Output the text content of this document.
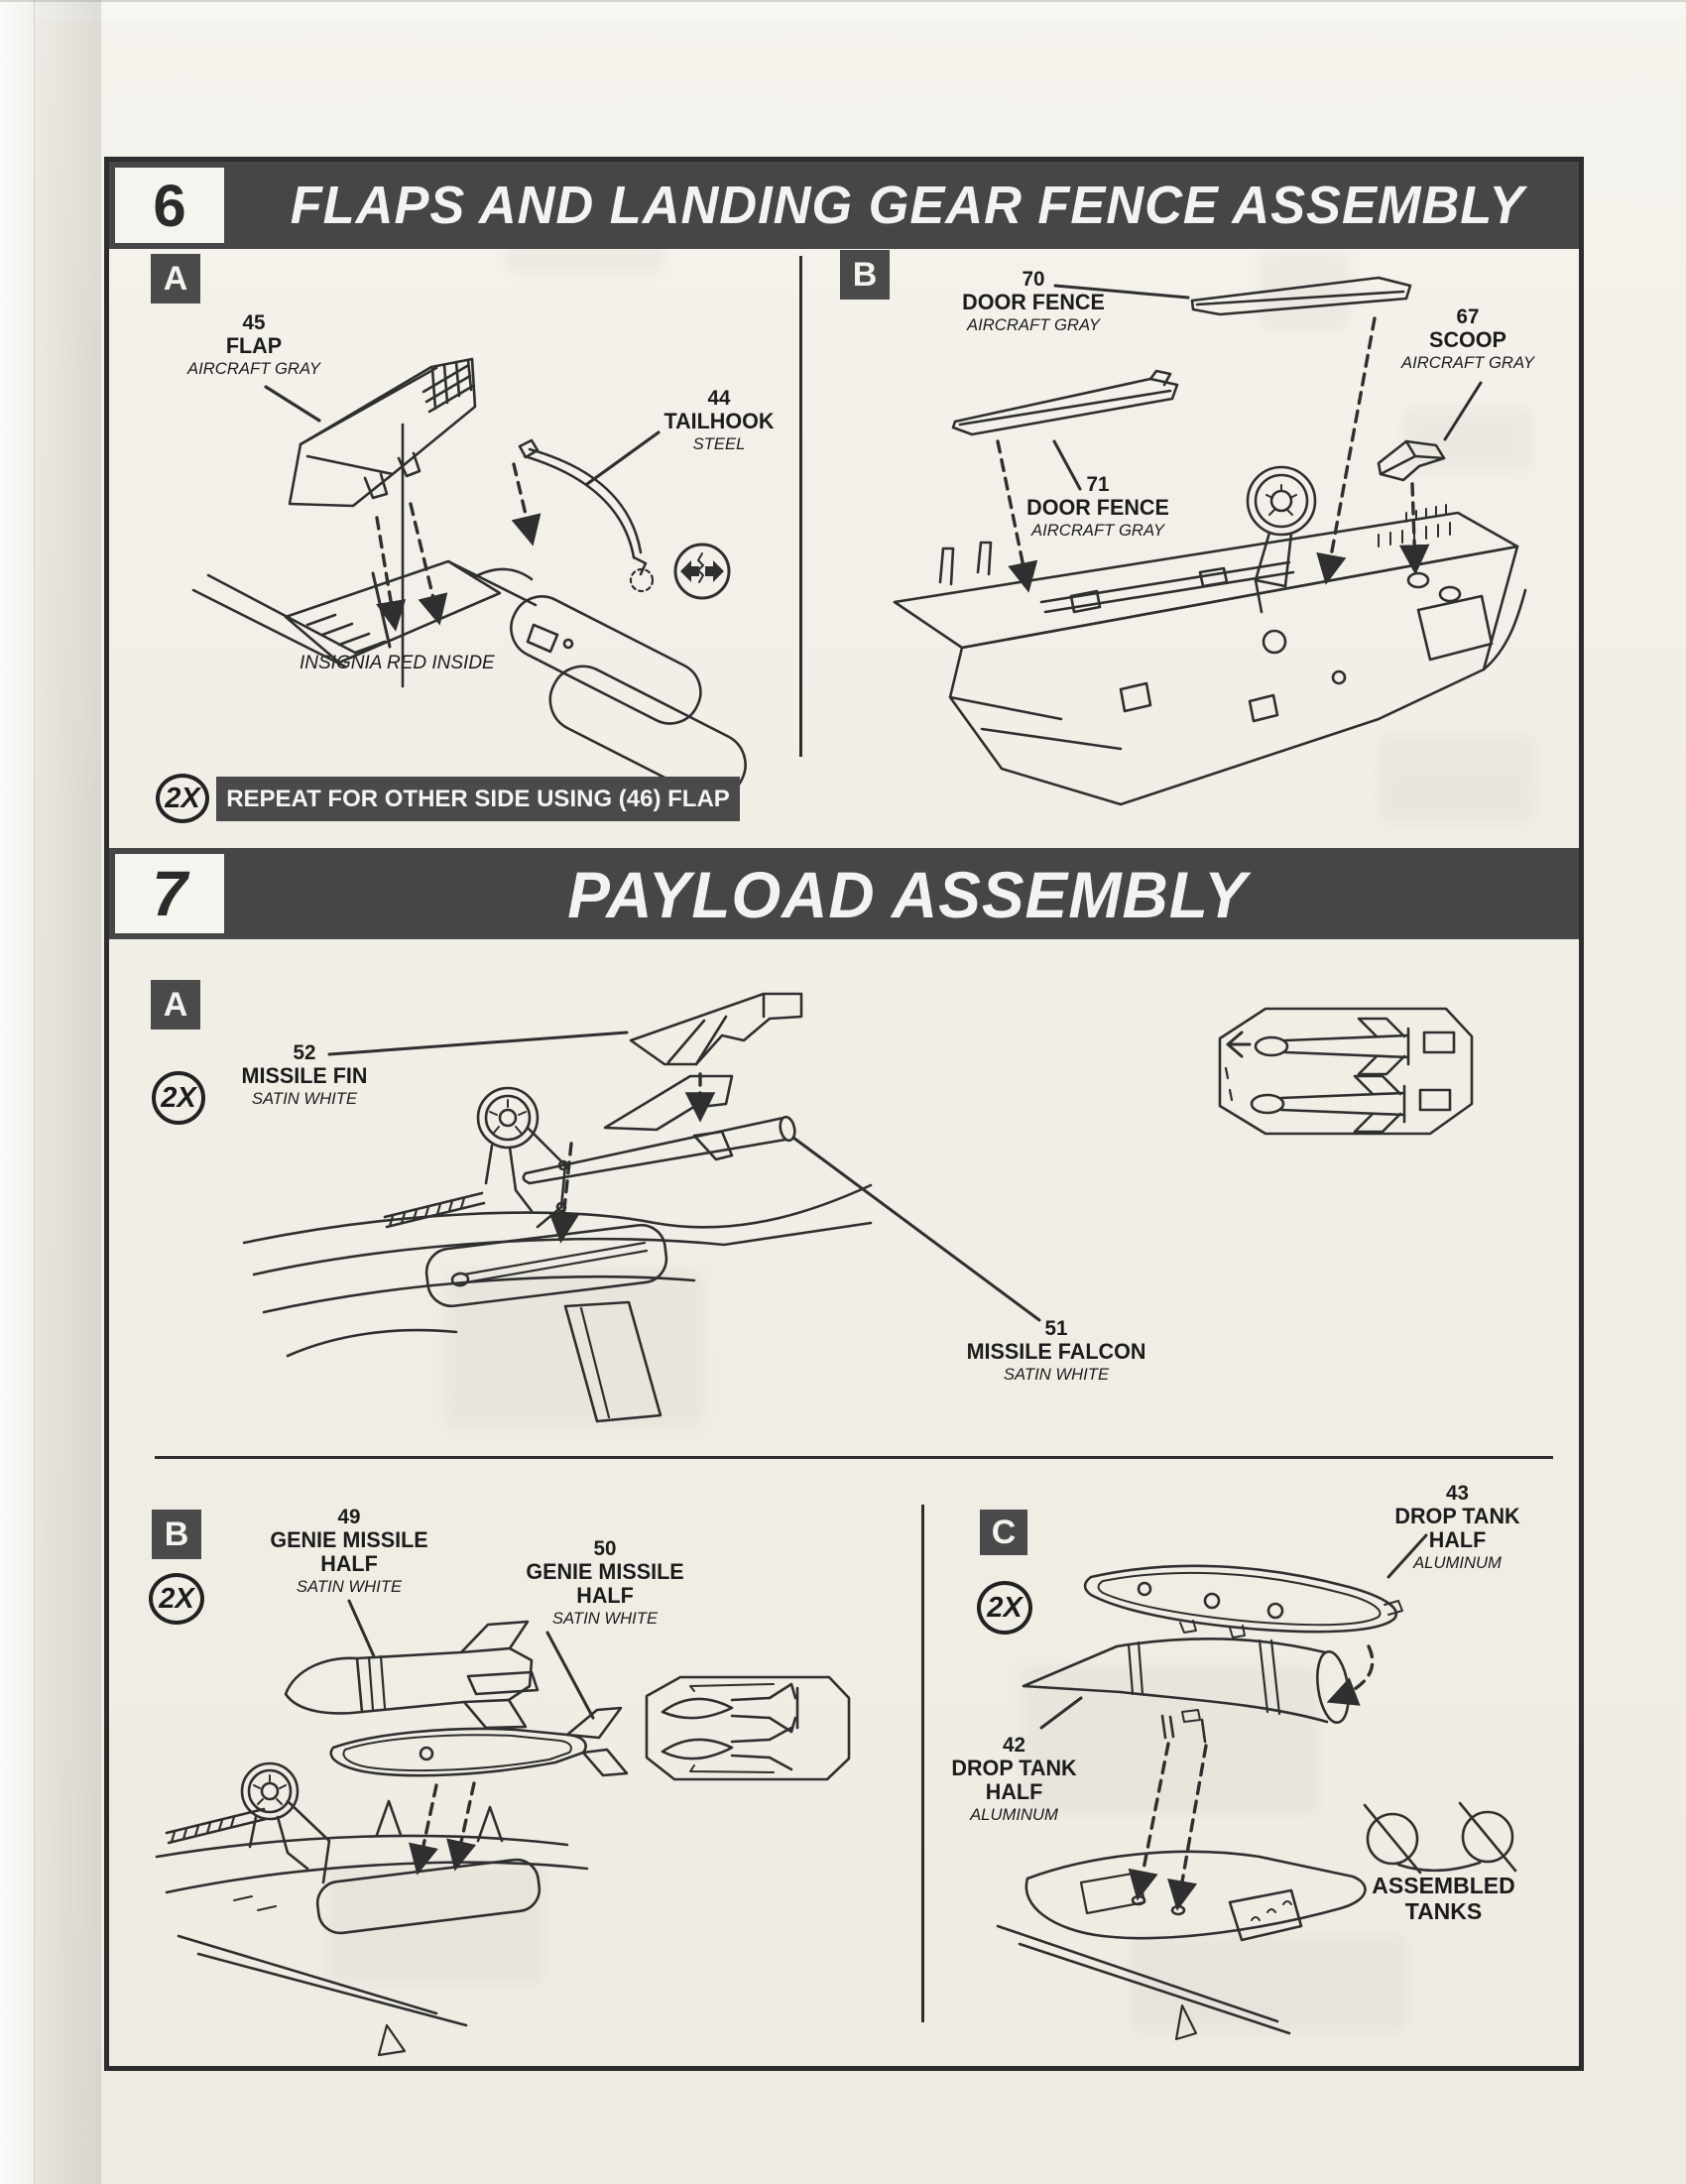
6	FLAPS AND LANDING GEAR FENCE ASSEMBLY
A
45
FLAP
AIRCRAFT GRAY
44
TAILHOOK
STEEL
INSIGNIA RED INSIDE
2X	REPEAT FOR OTHER SIDE USING (46) FLAP
B	70
DOOR FENCE
AIRCRAFT GRAY	67
SCOOP
AIRCRAFT GRAY
71
DOOR FENCE
AIRCRAFT GRAY
7	PAYLOAD ASSEMBLY
A
2X
52
MISSILE FIN
SATIN WHITE
51
MISSILE FALCON
SATIN WHITE
B
2X
49
GENIE MISSILE HALF
SATIN WHITE
50
GENIE MISSILE HALF
SATIN WHITE
C
2X
43
DROP TANK HALF
ALUMINUM
42
DROP TANK HALF
ALUMINUM
ASSEMBLED TANKS
